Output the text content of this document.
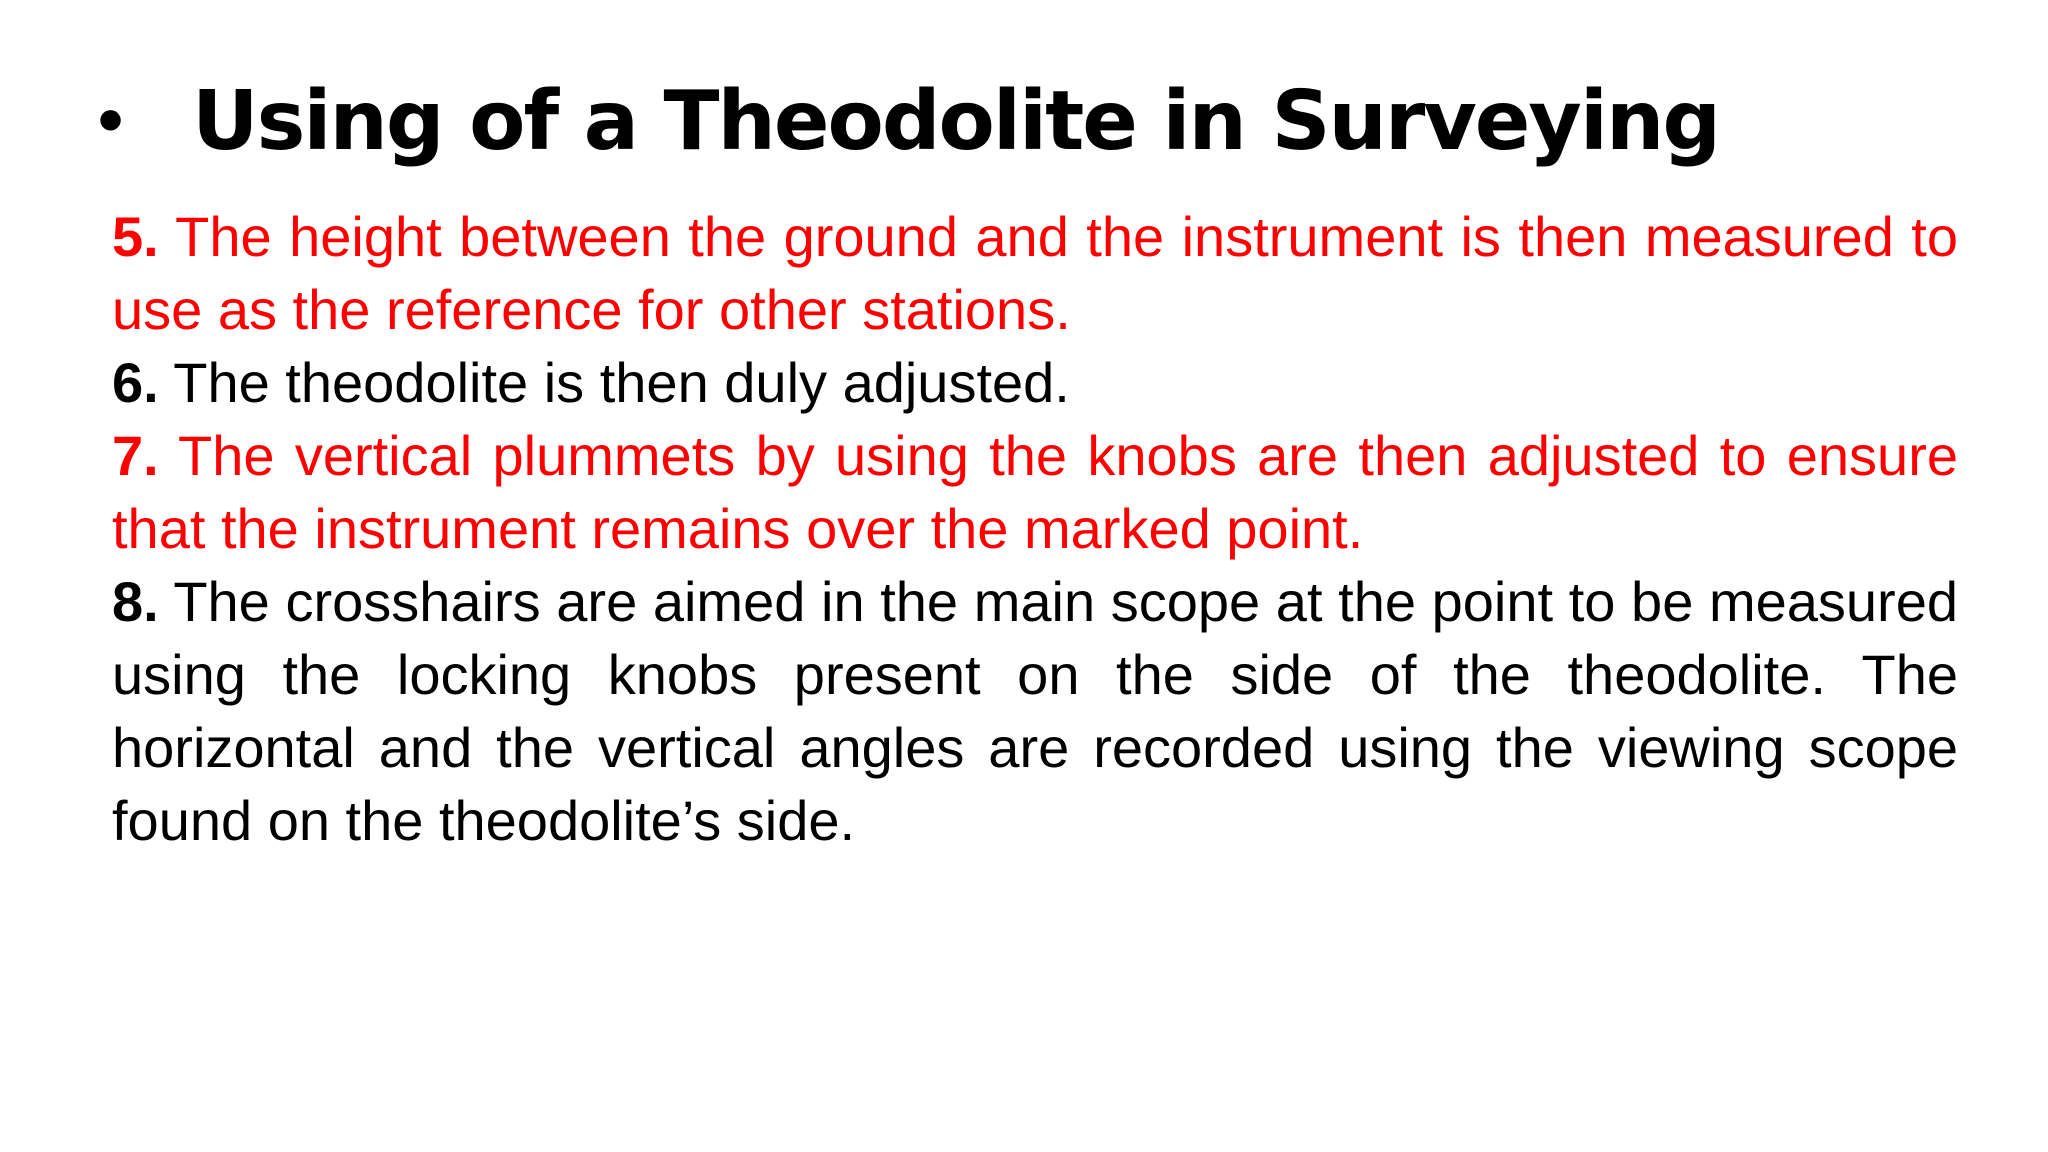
• Using of a Theodolite in Surveying

5. The height between the ground and the instrument is then measured to use as the reference for other stations.

6. The theodolite is then duly adjusted.

7. The vertical plummets by using the knobs are then adjusted to ensure that the instrument remains over the marked point.

8. The crosshairs are aimed in the main scope at the point to be measured using the locking knobs present on the side of the theodolite. The horizontal and the vertical angles are recorded using the viewing scope found on the theodolite’s side.
